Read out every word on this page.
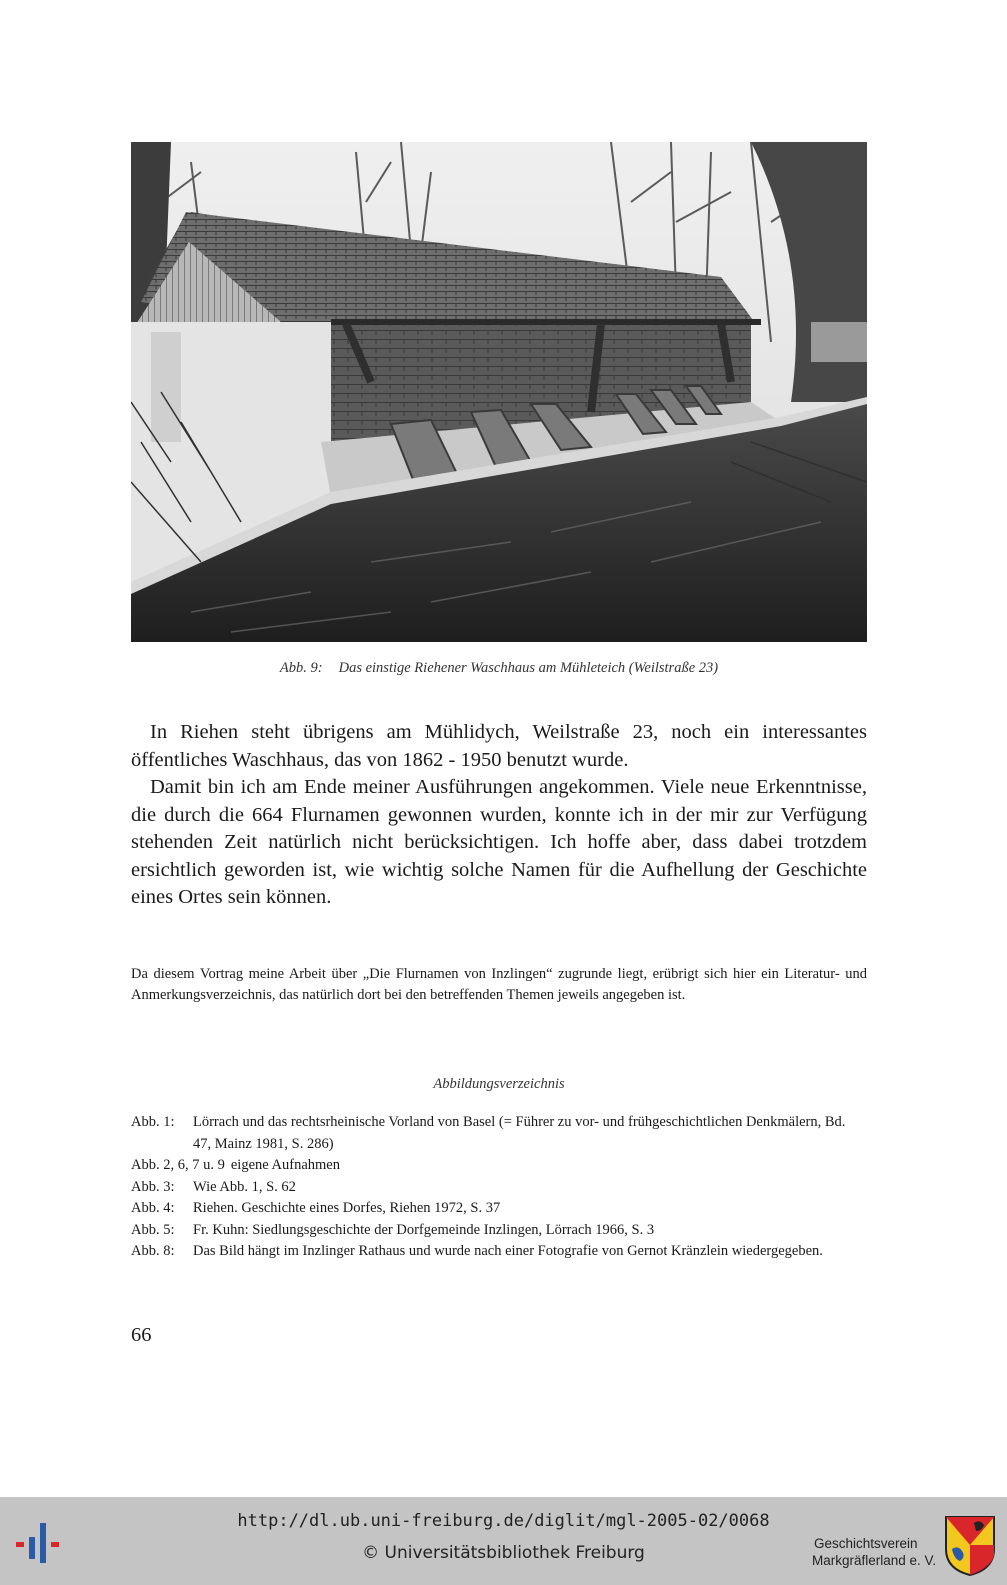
Abb. 9: Das einstige Riehener Waschhaus am Mühleteich (Weilstraße 23)

In Riehen steht übrigens am Mühlidych, Weilstraße 23, noch ein interessantes öffentliches Waschhaus, das von 1862 - 1950 benutzt wurde.

Damit bin ich am Ende meiner Ausführungen angekommen. Viele neue Erkenntnisse, die durch die 664 Flurnamen gewonnen wurden, konnte ich in der mir zur Verfügung stehenden Zeit natürlich nicht berücksichtigen. Ich hoffe aber, dass dabei trotzdem ersichtlich geworden ist, wie wichtig solche Namen für die Aufhellung der Geschichte eines Ortes sein können.

Da diesem Vortrag meine Arbeit über „Die Flurnamen von Inzlingen“ zugrunde liegt, erübrigt sich hier ein Literatur- und Anmerkungsverzeichnis, das natürlich dort bei den betreffenden Themen jeweils angegeben ist.

Abbildungsverzeichnis
Abb. 1:	Lörrach und das rechtsrheinische Vorland von Basel (= Führer zu vor- und frühgeschichtlichen Denkmälern, Bd. 47, Mainz 1981, S. 286)
Abb. 2, 6, 7 u. 9 eigene Aufnahmen
Abb. 3:	Wie Abb. 1, S. 62
Abb. 4:	Riehen. Geschichte eines Dorfes, Riehen 1972, S. 37
Abb. 5:	Fr. Kuhn: Siedlungsgeschichte der Dorfgemeinde Inzlingen, Lörrach 1966, S. 3
Abb. 8:	Das Bild hängt im Inzlinger Rathaus und wurde nach einer Fotografie von Gernot Kränzlein wiedergegeben.
66
http://dl.ub.uni-freiburg.de/diglit/mgl-2005-02/0068
© Universitätsbibliothek Freiburg	Geschichtsverein
Markgräflerland e. V.
